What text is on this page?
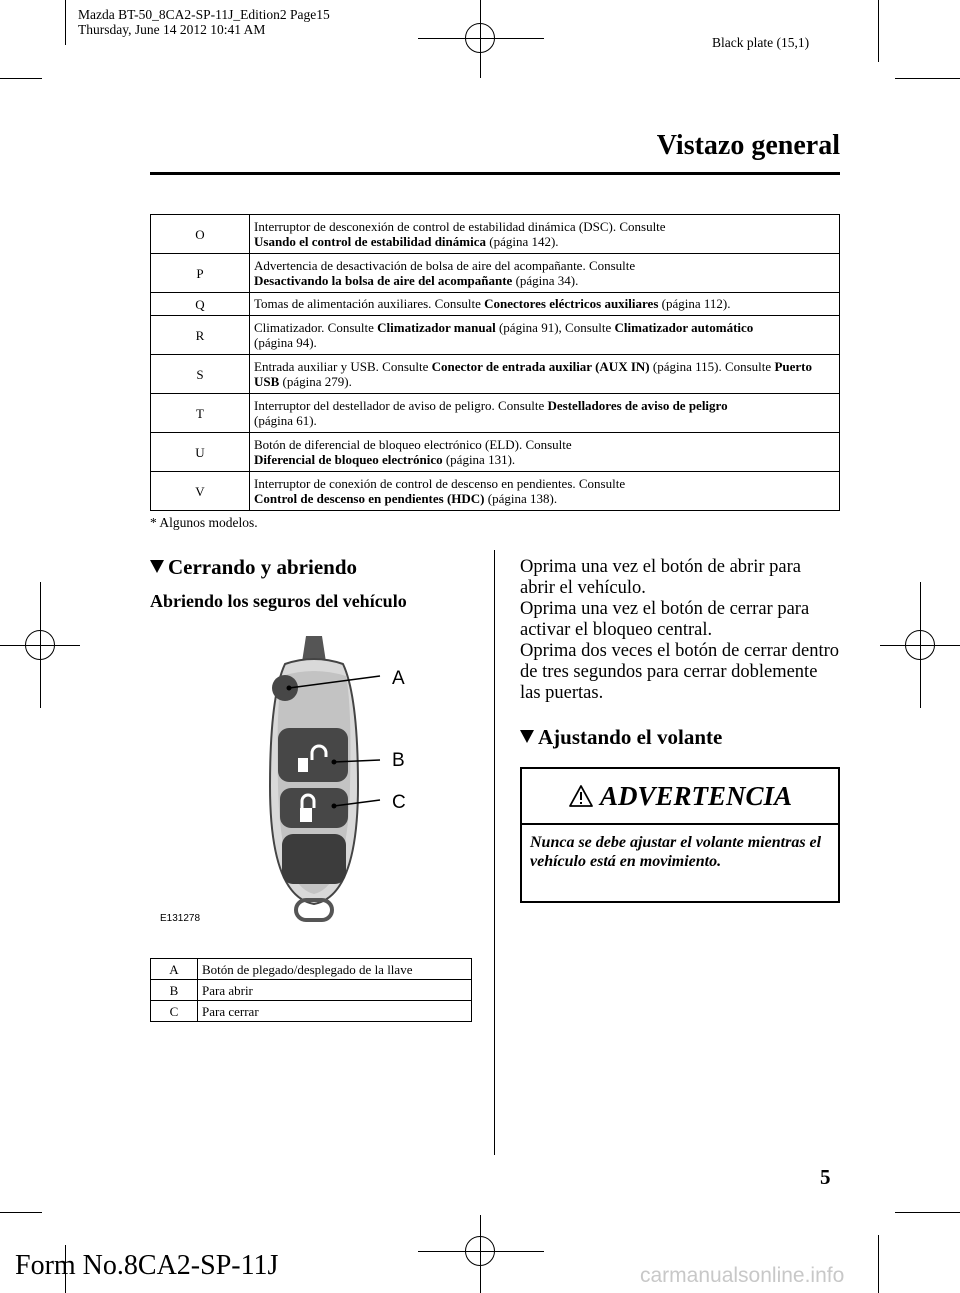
Mazda BT-50_8CA2-SP-11J_Edition2 Page15
Thursday, June 14 2012 10:41 AM
Black plate (15,1)
Vistazo general
O	Interruptor de desconexión de control de estabilidad dinámica (DSC). Consulte
Usando el control de estabilidad dinámica (página 142).
P	Advertencia de desactivación de bolsa de aire del acompañante. Consulte
Desactivando la bolsa de aire del acompañante (página 34).
Q	Tomas de alimentación auxiliares. Consulte Conectores eléctricos auxiliares (página 112).
R	Climatizador. Consulte Climatizador manual (página 91), Consulte Climatizador automático
(página 94).
S	Entrada auxiliar y USB. Consulte Conector de entrada auxiliar (AUX IN) (página 115). Consulte Puerto USB (página 279).
T	Interruptor del destellador de aviso de peligro. Consulte Destelladores de aviso de peligro
(página 61).
U	Botón de diferencial de bloqueo electrónico (ELD). Consulte
Diferencial de bloqueo electrónico (página 131).
V	Interruptor de conexión de control de descenso en pendientes. Consulte
Control de descenso en pendientes (HDC) (página 138).
* Algunos modelos.
Cerrando y abriendo
Abriendo los seguros del vehículo
A
B
C
E131278
A	Botón de plegado/desplegado de la llave
B	Para abrir
C	Para cerrar

Oprima una vez el botón de abrir para abrir el vehículo.

Oprima una vez el botón de cerrar para activar el bloqueo central.

Oprima dos veces el botón de cerrar dentro de tres segundos para cerrar doblemente las puertas.

Ajustando el volante
ADVERTENCIA
Nunca se debe ajustar el volante mientras el vehículo está en movimiento.
5
Form No.8CA2-SP-11J	carmanualsonline.info
